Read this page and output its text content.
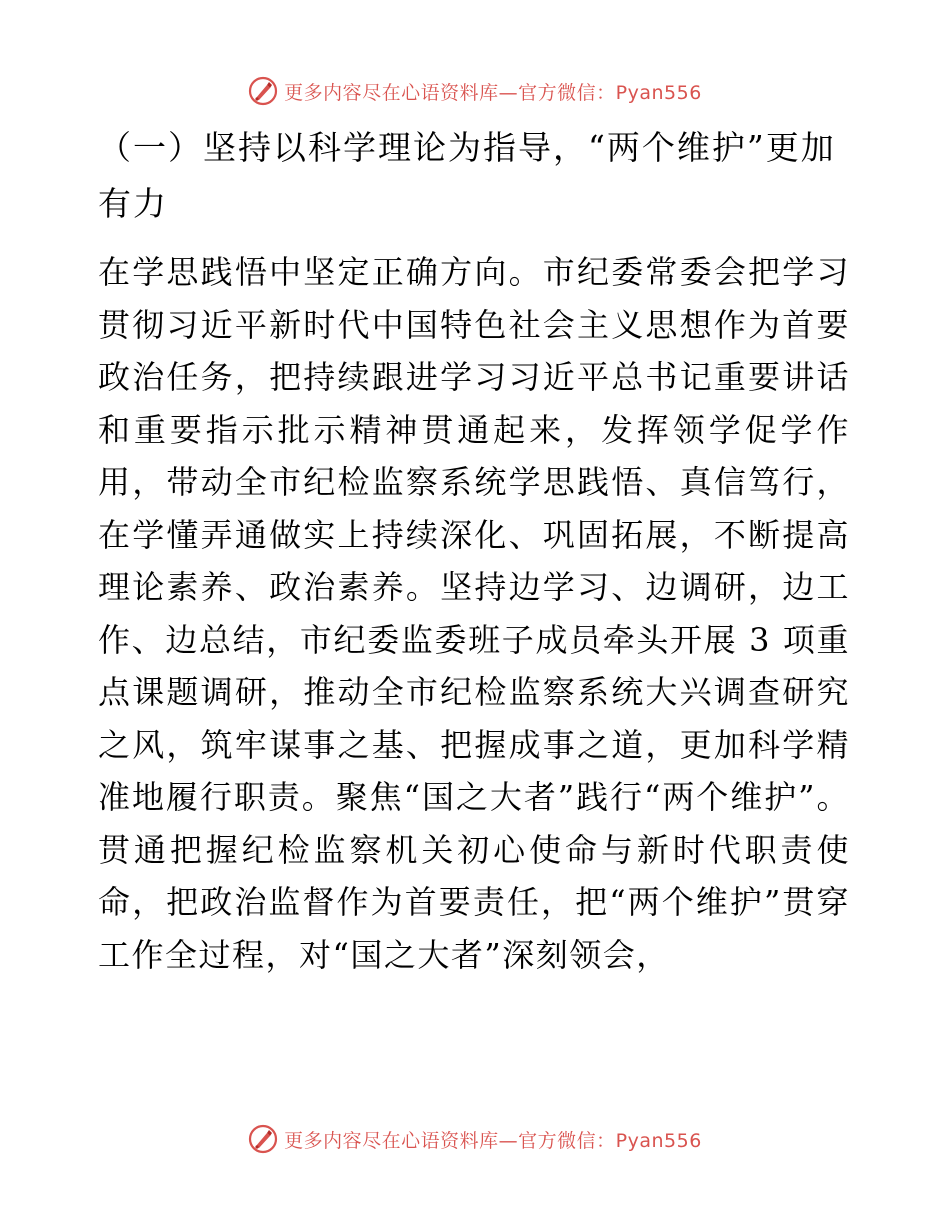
更多内容尽在心语资料库—官方微信：Pyan556

（一）坚持以科学理论为指导，“两个维护”更加有力

在学思践悟中坚定正确方向。市纪委常委会把学习贯彻习近平新时代中国特色社会主义思想作为首要政治任务，把持续跟进学习习近平总书记重要讲话和重要指示批示精神贯通起来，发挥领学促学作用，带动全市纪检监察系统学思践悟、真信笃行，在学懂弄通做实上持续深化、巩固拓展，不断提高理论素养、政治素养。坚持边学习、边调研，边工作、边总结，市纪委监委班子成员牵头开展 3 项重点课题调研，推动全市纪检监察系统大兴调查研究之风，筑牢谋事之基、把握成事之道，更加科学精准地履行职责。聚焦“国之大者”践行“两个维护”。贯通把握纪检监察机关初心使命与新时代职责使命，把政治监督作为首要责任，把“两个维护”贯穿工作全过程，对“国之大者”深刻领会，

更多内容尽在心语资料库—官方微信：Pyan556
